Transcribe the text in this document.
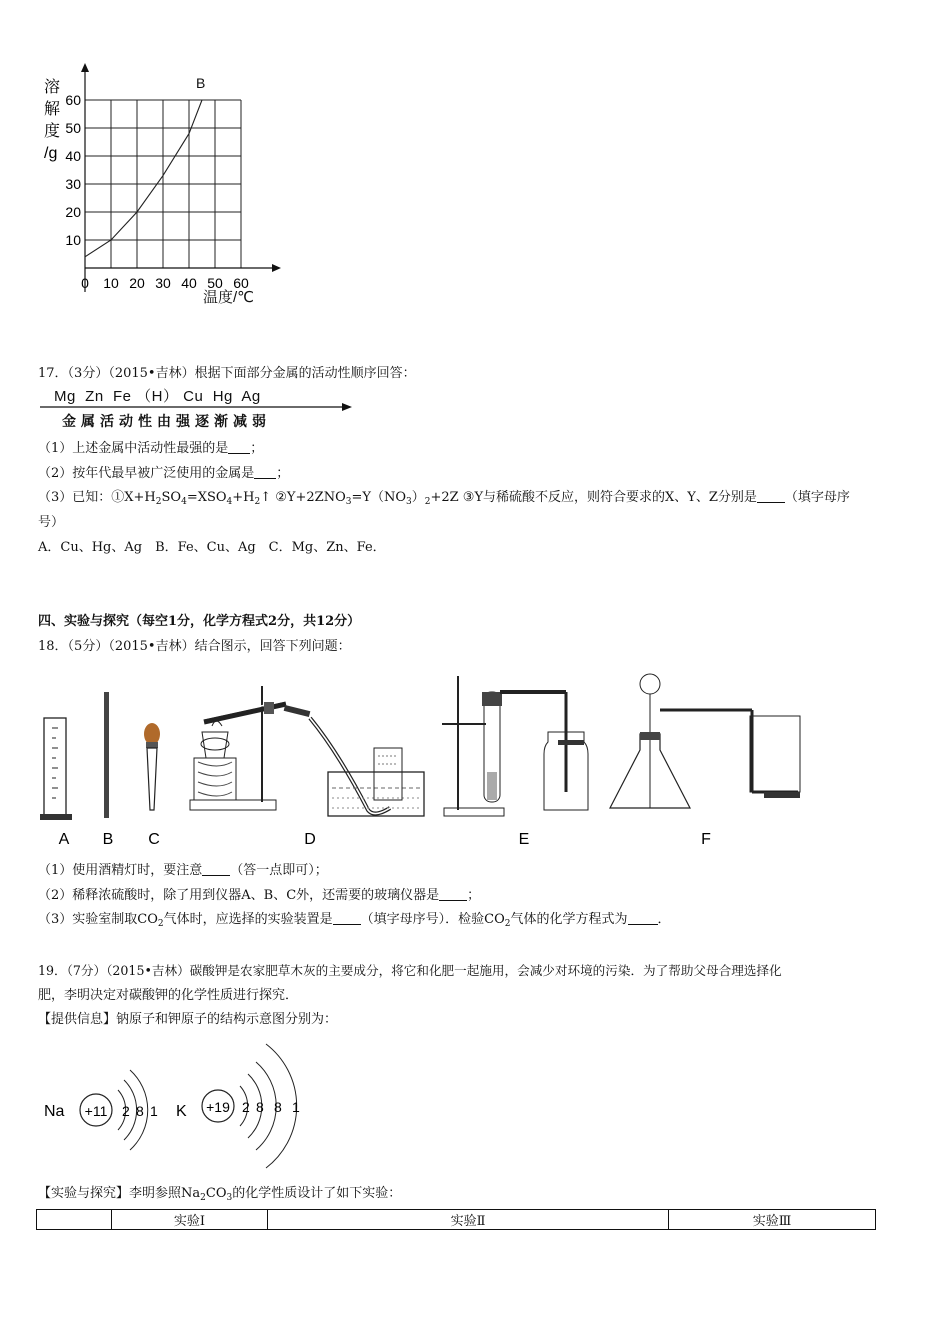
10
20
30
40
50
60
0 10 20 30 40 50 60
溶
解
度
/g
B
温度/℃
17．（3分）（2015•吉林）根据下面部分金属的活动性顺序回答：
Mg  Zn  Fe （H） Cu  Hg  Ag
金属活动性由强逐渐减弱
（1）上述金属中活动性最强的是 ；
（2）按年代最早被广泛使用的金属是 ；
（3）已知：$①X+H_2SO_4=XSO_4+H_2↑$ $②Y+2ZNO_3=Y(NO_3)_2+2Z$ ③Y与稀硫酸不反应，则符合要求的X、Y、Z分别是 （填字母序
号）
A．Cu、Hg、Ag　B．Fe、Cu、Ag　C．Mg、Zn、Fe．
四、实验与探究（每空1分，化学方程式2分，共12分）
18．（5分）（2015•吉林）结合图示，回答下列问题：
A B C	D	E	F
（1）使用酒精灯时，要注意 （答一点即可）；
（2）稀释浓硫酸时，除了用到仪器A、B、C外，还需要的玻璃仪器是 ；
（3）实验室制取$CO_2$气体时，应选择的实验装置是 （填字母序号）．检验$CO_2$气体的化学方程式为 ．
19．（7分）（2015•吉林）碳酸钾是农家肥草木灰的主要成分，将它和化肥一起施用，会减少对环境的污染．为了帮助父母合理选择化
肥，李明决定对碳酸钾的化学性质进行探究．
【提供信息】钠原子和钾原子的结构示意图分别为：
Na +11 2 8 1 K +19 2 8 8 1
【实验与探究】李明参照$Na_2CO_3$的化学性质设计了如下实验：
	实验Ⅰ	实验Ⅱ	实验Ⅲ
